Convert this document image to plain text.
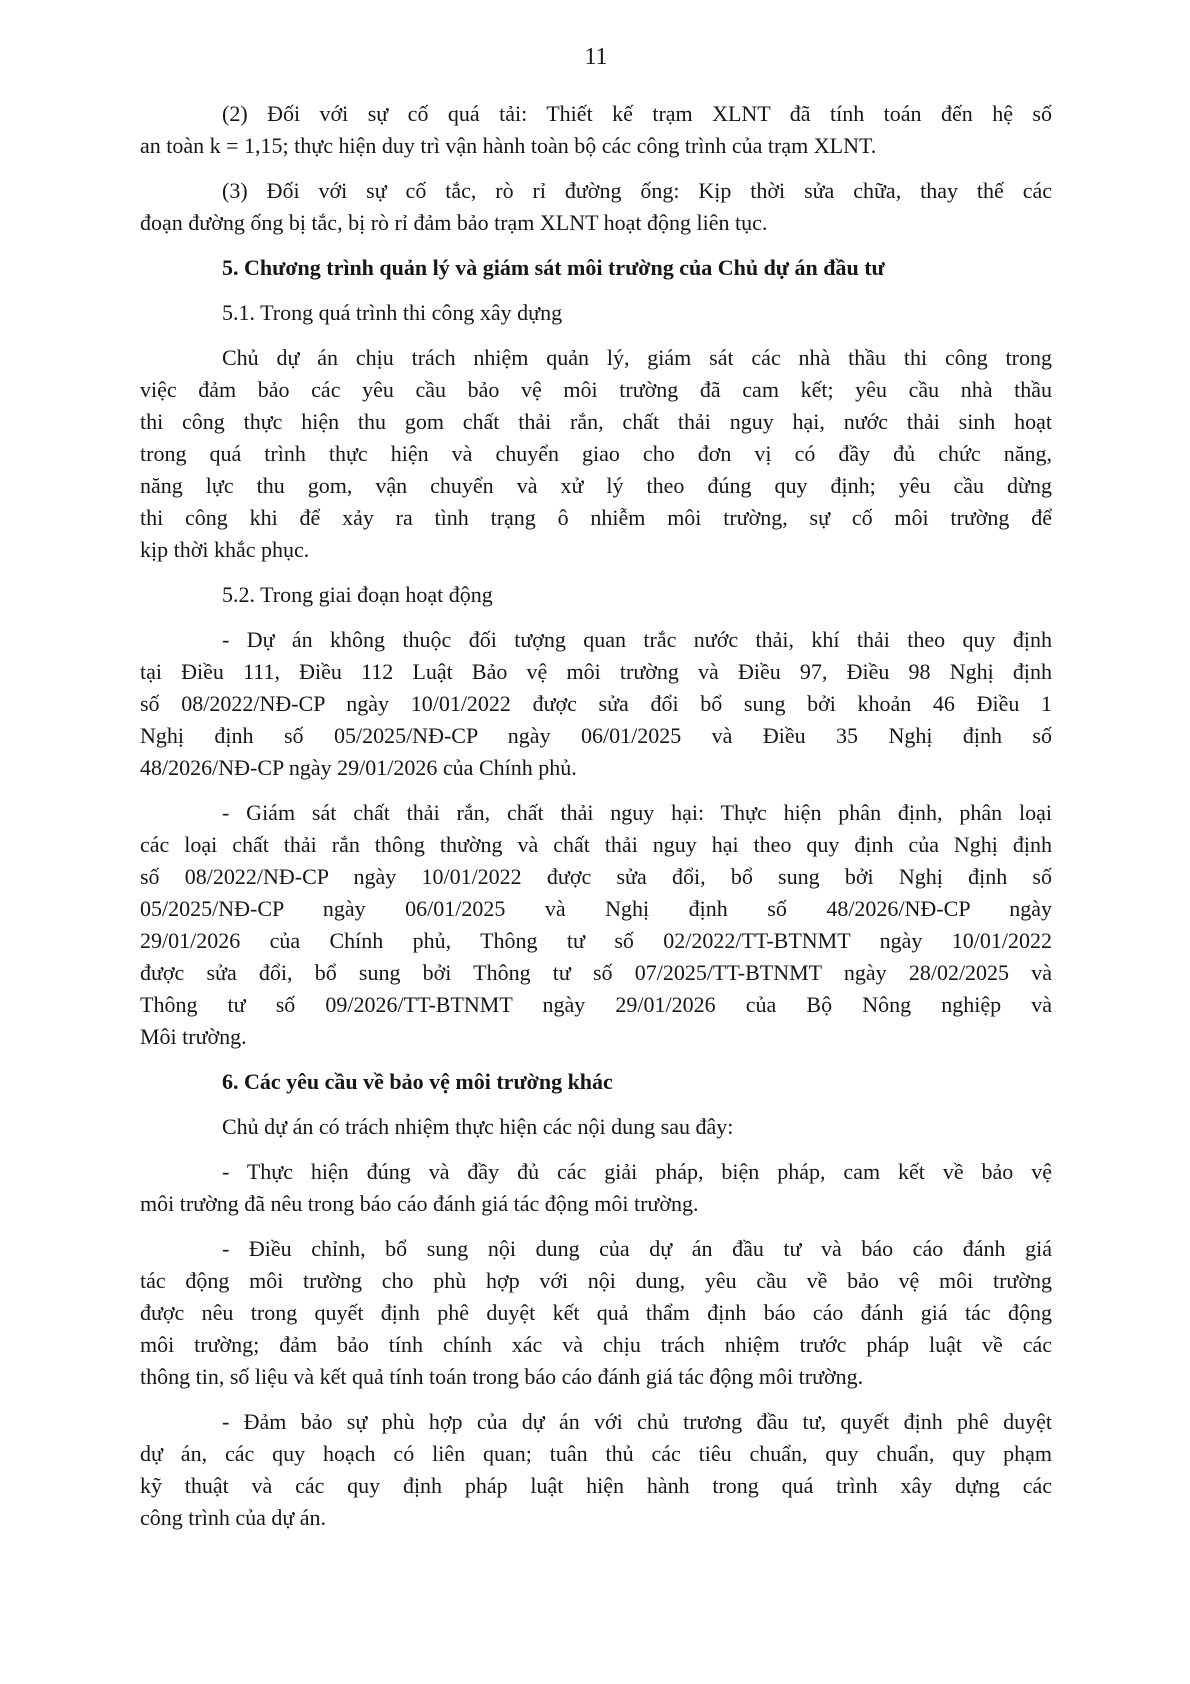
11
(2) Đối với sự cố quá tải: Thiết kế trạm XLNT đã tính toán đến hệ số
an toàn k = 1,15; thực hiện duy trì vận hành toàn bộ các công trình của trạm XLNT.
(3) Đối với sự cố tắc, rò rỉ đường ống: Kịp thời sửa chữa, thay thế các
đoạn đường ống bị tắc, bị rò rỉ đảm bảo trạm XLNT hoạt động liên tục.
5. Chương trình quản lý và giám sát môi trường của Chủ dự án đầu tư
5.1. Trong quá trình thi công xây dựng
Chủ dự án chịu trách nhiệm quản lý, giám sát các nhà thầu thi công trong
việc đảm bảo các yêu cầu bảo vệ môi trường đã cam kết; yêu cầu nhà thầu
thi công thực hiện thu gom chất thải rắn, chất thải nguy hại, nước thải sinh hoạt
trong quá trình thực hiện và chuyển giao cho đơn vị có đầy đủ chức năng,
năng lực thu gom, vận chuyển và xử lý theo đúng quy định; yêu cầu dừng
thi công khi để xảy ra tình trạng ô nhiễm môi trường, sự cố môi trường để
kịp thời khắc phục.
5.2. Trong giai đoạn hoạt động
- Dự án không thuộc đối tượng quan trắc nước thải, khí thải theo quy định
tại Điều 111, Điều 112 Luật Bảo vệ môi trường và Điều 97, Điều 98 Nghị định
số 08/2022/NĐ-CP ngày 10/01/2022 được sửa đổi bổ sung bởi khoản 46 Điều 1
Nghị định số 05/2025/NĐ-CP ngày 06/01/2025 và Điều 35 Nghị định số
48/2026/NĐ-CP ngày 29/01/2026 của Chính phủ.
- Giám sát chất thải rắn, chất thải nguy hại: Thực hiện phân định, phân loại
các loại chất thải rắn thông thường và chất thải nguy hại theo quy định của Nghị định
số 08/2022/NĐ-CP ngày 10/01/2022 được sửa đổi, bổ sung bởi Nghị định số
05/2025/NĐ-CP ngày 06/01/2025 và Nghị định số 48/2026/NĐ-CP ngày
29/01/2026 của Chính phủ, Thông tư số 02/2022/TT-BTNMT ngày 10/01/2022
được sửa đổi, bổ sung bởi Thông tư số 07/2025/TT-BTNMT ngày 28/02/2025 và
Thông tư số 09/2026/TT-BTNMT ngày 29/01/2026 của Bộ Nông nghiệp và
Môi trường.
6. Các yêu cầu về bảo vệ môi trường khác
Chủ dự án có trách nhiệm thực hiện các nội dung sau đây:
- Thực hiện đúng và đầy đủ các giải pháp, biện pháp, cam kết về bảo vệ
môi trường đã nêu trong báo cáo đánh giá tác động môi trường.
- Điều chỉnh, bổ sung nội dung của dự án đầu tư và báo cáo đánh giá
tác động môi trường cho phù hợp với nội dung, yêu cầu về bảo vệ môi trường
được nêu trong quyết định phê duyệt kết quả thẩm định báo cáo đánh giá tác động
môi trường; đảm bảo tính chính xác và chịu trách nhiệm trước pháp luật về các
thông tin, số liệu và kết quả tính toán trong báo cáo đánh giá tác động môi trường.
- Đảm bảo sự phù hợp của dự án với chủ trương đầu tư, quyết định phê duyệt
dự án, các quy hoạch có liên quan; tuân thủ các tiêu chuẩn, quy chuẩn, quy phạm
kỹ thuật và các quy định pháp luật hiện hành trong quá trình xây dựng các
công trình của dự án.
